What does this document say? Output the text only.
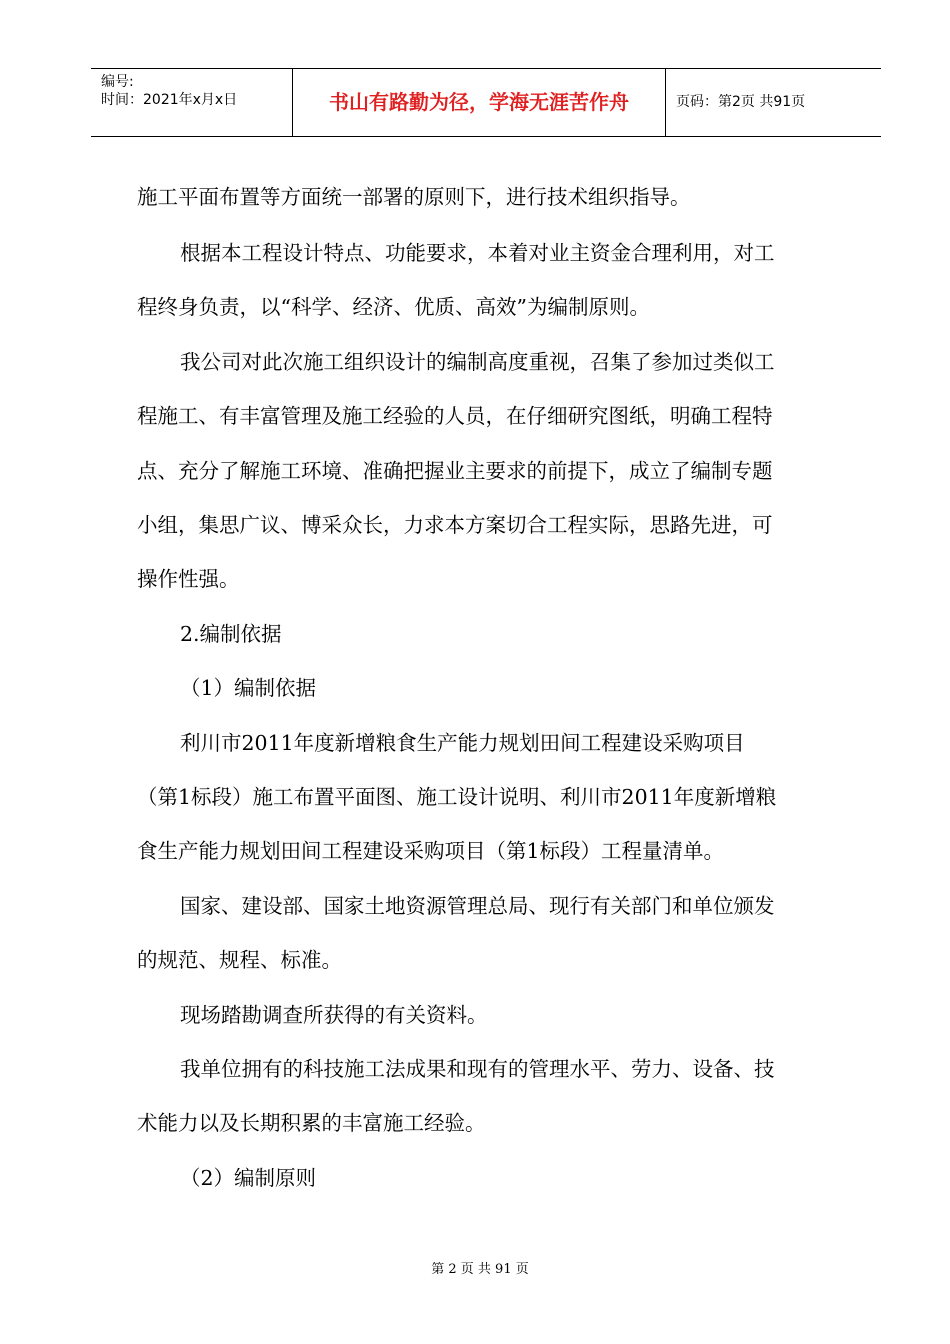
编号:
时间：2021年x月x日	书山有路勤为径，学海无涯苦作舟	页码：第2页 共91页
施工平面布置等方面统一部署的原则下，进行技术组织指导。
根据本工程设计特点、功能要求，本着对业主资金合理利用，对工
程终身负责，以“科学、经济、优质、高效”为编制原则。
我公司对此次施工组织设计的编制高度重视，召集了参加过类似工
程施工、有丰富管理及施工经验的人员，在仔细研究图纸，明确工程特
点、充分了解施工环境、准确把握业主要求的前提下，成立了编制专题
小组，集思广议、博采众长，力求本方案切合工程实际，思路先进，可
操作性强。
2.编制依据
（1）编制依据
利川市2011年度新增粮食生产能力规划田间工程建设采购项目
（第1标段）施工布置平面图、施工设计说明、利川市2011年度新增粮
食生产能力规划田间工程建设采购项目（第1标段）工程量清单。
国家、建设部、国家土地资源管理总局、现行有关部门和单位颁发
的规范、规程、标准。
现场踏勘调查所获得的有关资料。
我单位拥有的科技施工法成果和现有的管理水平、劳力、设备、技
术能力以及长期积累的丰富施工经验。
（2）编制原则
第 2 页 共 91 页
